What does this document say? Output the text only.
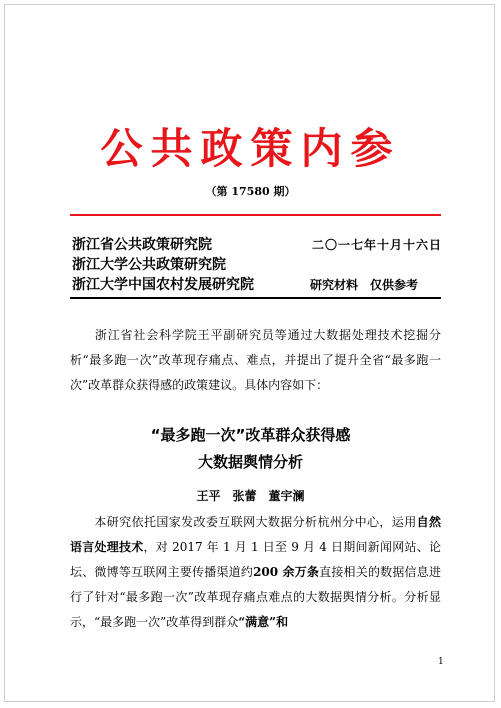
公共政策内参
（第 17580 期）
浙江省公共政策研究院
浙江大学公共政策研究院
浙江大学中国农村发展研究院
二〇一七年十月十六日
研究材料　仅供参考
浙江省社会科学院王平副研究员等通过大数据处理技术挖掘分析“最多跑一次”改革现存痛点、难点，并提出了提升全省“最多跑一次”改革群众获得感的政策建议。具体内容如下：
“最多跑一次”改革群众获得感
大数据舆情分析
王平　张蕾　董宇澜
本研究依托国家发改委互联网大数据分析杭州分中心，运用自然语言处理技术，对 2017 年 1 月 1 日至 9 月 4 日期间新闻网站、论坛、微博等互联网主要传播渠道约200 余万条直接相关的数据信息进行了针对“最多跑一次”改革现存痛点难点的大数据舆情分析。分析显示，“最多跑一次”改革得到群众“满意”和
1
